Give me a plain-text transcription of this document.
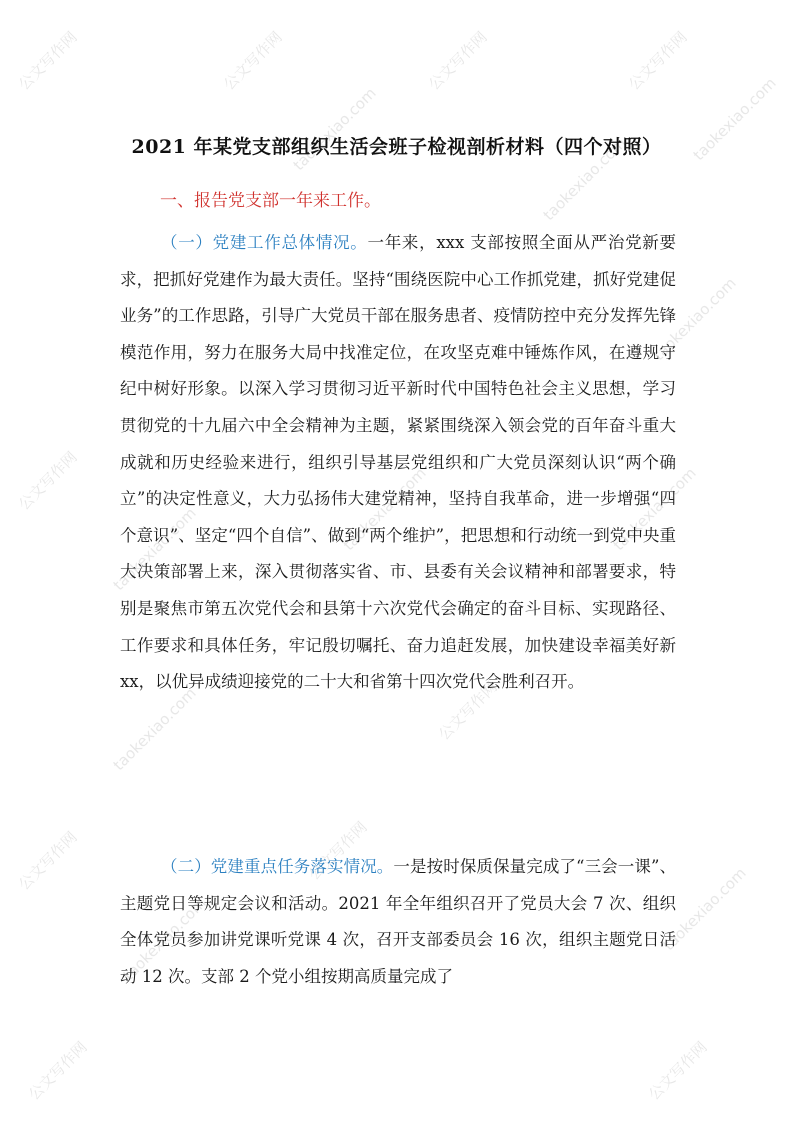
公文写作网	公文写作网	公文写作网	公文写作网
taokexiao.com	taokexiao.com
taokexiao.com
taokexiao.com
公文写作网
taokexiao.com	taokexiao.com	taokexiao.com
taokexiao.com	公文写作网
公文写作网
taokexiao.com
公文写作网
taokexiao.com
公文写作网	公文写作网
2021 年某党支部组织生活会班子检视剖析材料（四个对照）

一、报告党支部一年来工作。

（一）党建工作总体情况。一年来，xxx 支部按照全面从严治党新要求，把抓好党建作为最大责任。坚持“围绕医院中心工作抓党建，抓好党建促业务”的工作思路，引导广大党员干部在服务患者、疫情防控中充分发挥先锋模范作用，努力在服务大局中找准定位，在攻坚克难中锤炼作风，在遵规守纪中树好形象。以深入学习贯彻习近平新时代中国特色社会主义思想，学习贯彻党的十九届六中全会精神为主题，紧紧围绕深入领会党的百年奋斗重大成就和历史经验来进行，组织引导基层党组织和广大党员深刻认识“两个确立”的决定性意义，大力弘扬伟大建党精神，坚持自我革命，进一步增强“四个意识”、坚定“四个自信”、做到“两个维护”，把思想和行动统一到党中央重大决策部署上来，深入贯彻落实省、市、县委有关会议精神和部署要求，特别是聚焦市第五次党代会和县第十六次党代会确定的奋斗目标、实现路径、工作要求和具体任务，牢记殷切嘱托、奋力追赶发展，加快建设幸福美好新 xx，以优异成绩迎接党的二十大和省第十四次党代会胜利召开。

（二）党建重点任务落实情况。一是按时保质保量完成了“三会一课”、主题党日等规定会议和活动。2021 年全年组织召开了党员大会 7 次、组织全体党员参加讲党课听党课 4 次，召开支部委员会 16 次，组织主题党日活动 12 次。支部 2 个党小组按期高质量完成了
